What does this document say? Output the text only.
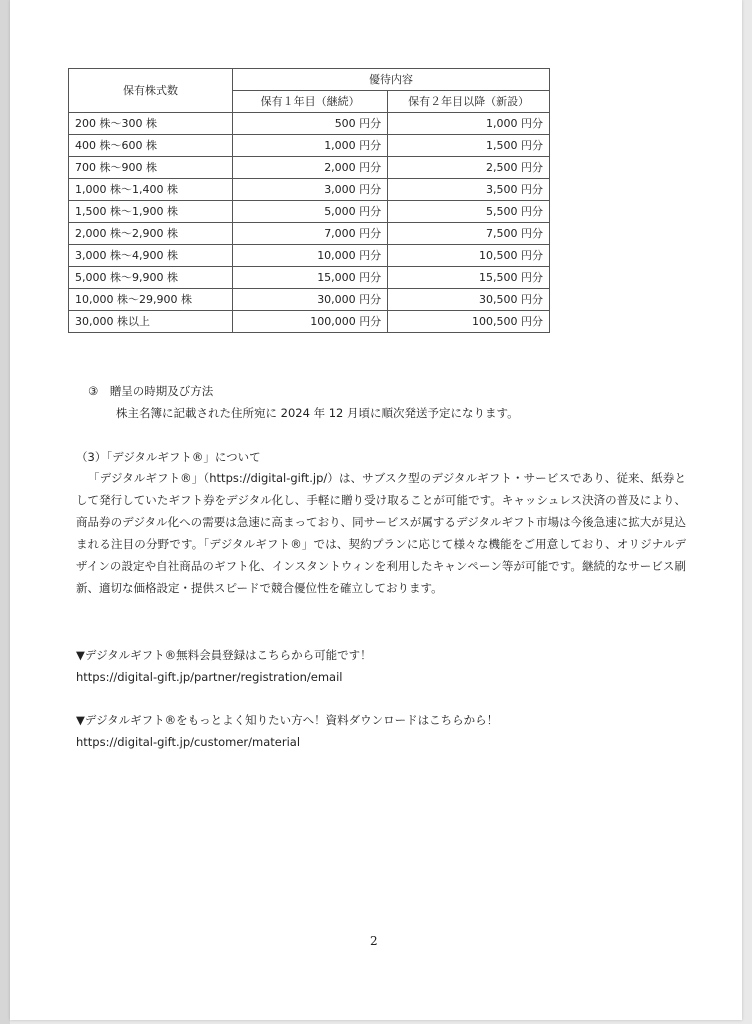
保有株式数	優待内容	
	保有１年目（継続）	保有２年目以降（新設）
200 株～300 株	500 円分	1,000 円分
400 株～600 株	1,000 円分	1,500 円分
700 株～900 株	2,000 円分	2,500 円分
1,000 株～1,400 株	3,000 円分	3,500 円分
1,500 株～1,900 株	5,000 円分	5,500 円分
2,000 株～2,900 株	7,000 円分	7,500 円分
3,000 株～4,900 株	10,000 円分	10,500 円分
5,000 株～9,900 株	15,000 円分	15,500 円分
10,000 株～29,900 株	30,000 円分	30,500 円分
30,000 株以上	100,000 円分	100,500 円分
③　贈呈の時期及び方法
株主名簿に記載された住所宛に 2024 年 12 月頃に順次発送予定になります。
（3）「デジタルギフト®」について
「デジタルギフト®」（https://digital-gift.jp/）は、サブスク型のデジタルギフト・サービスであり、従来、紙券として発行していたギフト券をデジタル化し、手軽に贈り受け取ることが可能です。キャッシュレス決済の普及により、商品券のデジタル化への需要は急速に高まっており、同サービスが属するデジタルギフト市場は今後急速に拡大が見込まれる注目の分野です。「デジタルギフト®」では、契約プランに応じて様々な機能をご用意しており、オリジナルデザインの設定や自社商品のギフト化、インスタントウィンを利用したキャンペーン等が可能です。継続的なサービス刷新、適切な価格設定・提供スピードで競合優位性を確立しております。
▼デジタルギフト®無料会員登録はこちらから可能です！
https://digital-gift.jp/partner/registration/email
▼デジタルギフト®をもっとよく知りたい方へ！資料ダウンロードはこちらから！
https://digital-gift.jp/customer/material
2
